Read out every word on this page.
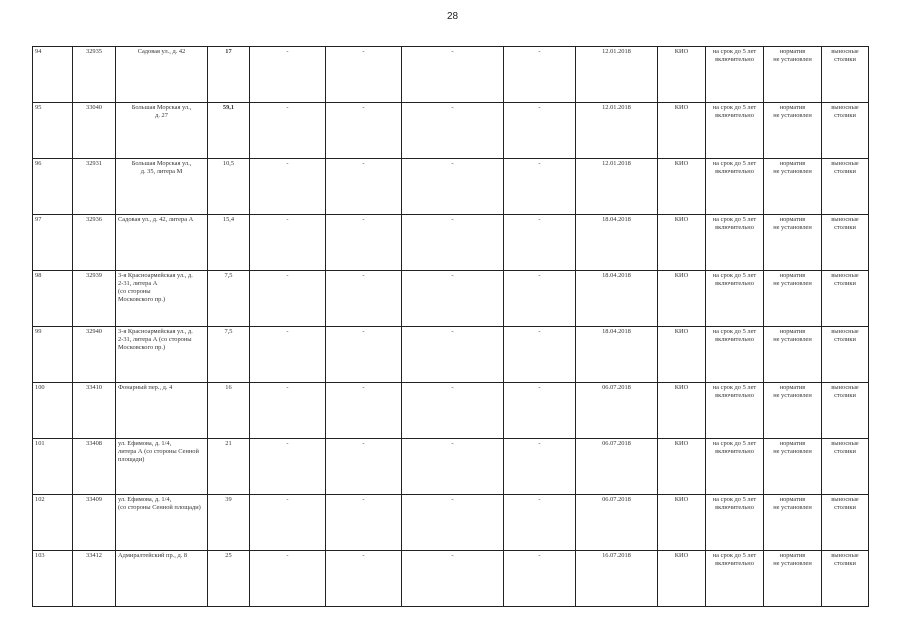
28
94	32935	Садовая ул., д. 42	17	-	-	-	-	12.01.2018	КИО	на срок до 5 лет
включительно	норматив
не установлен	выносные
столики

95	33040	Большая Морская ул.,
д. 27	59,1	-	-	-	-	12.01.2018	КИО	на срок до 5 лет
включительно	норматив
не установлен	выносные
столики

96	32931	Большая Морская ул.,
д. 35, литера М	10,5	-	-	-	-	12.01.2018	КИО	на срок до 5 лет
включительно	норматив
не установлен	выносные
столики

97	32936	Садовая ул., д. 42, литера А	15,4	-	-	-	-	18.04.2018	КИО	на срок до 5 лет
включительно	норматив
не установлен	выносные
столики

98	32939	3-я Красноармейская ул., д.
2-31, литера А
(со стороны
Московского пр.)	7,5	-	-	-	-	18.04.2018	КИО	на срок до 5 лет
включительно	норматив
не установлен	выносные
столики

99	32940	3-я Красноармейская ул., д.
2-31, литера А (со стороны
Московского пр.)	7,5	-	-	-	-	18.04.2018	КИО	на срок до 5 лет
включительно	норматив
не установлен	выносные
столики

100	33410	Фонарный пер., д. 4	16	-	-	-	-	06.07.2018	КИО	на срок до 5 лет
включительно	норматив
не установлен	выносные
столики

101	33408	ул. Ефимова, д. 1/4,
литера А (со стороны Сенной
площади)	21	-	-	-	-	06.07.2018	КИО	на срок до 5 лет
включительно	норматив
не установлен	выносные
столики

102	33409	ул. Ефимова, д. 1/4,
(со стороны Сенной площади)	39	-	-	-	-	06.07.2018	КИО	на срок до 5 лет
включительно	норматив
не установлен	выносные
столики

103	33412	Адмиралтейский пр., д. 8	25	-	-	-	-	16.07.2018	КИО	на срок до 5 лет
включительно	норматив
не установлен	выносные
столики
